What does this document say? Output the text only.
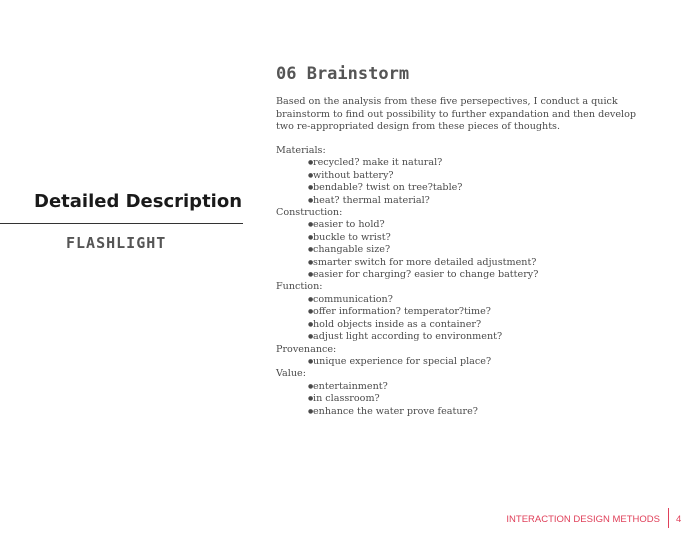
Detailed Description
FLASHLIGHT
06 Brainstorm
Based on the analysis from these five persepectives, I conduct a quick brainstorm to find out possibility to further expandation and then develop two re-appropriated design from these pieces of thoughts.
Materials:
●recycled? make it natural?
●without battery?
●bendable? twist on tree?table?
●heat? thermal material?
Construction:
●easier to hold?
●buckle to wrist?
●changable size?
●smarter switch for more detailed adjustment?
●easier for charging? easier to change battery?
Function:
●communication?
●offer information? temperator?time?
●hold objects inside as a container?
●adjust light according to environment?
Provenance:
●unique experience for special place?
Value:
●entertainment?
●in classroom?
●enhance the water prove feature?
INTERACTION DESIGN METHODS 4
